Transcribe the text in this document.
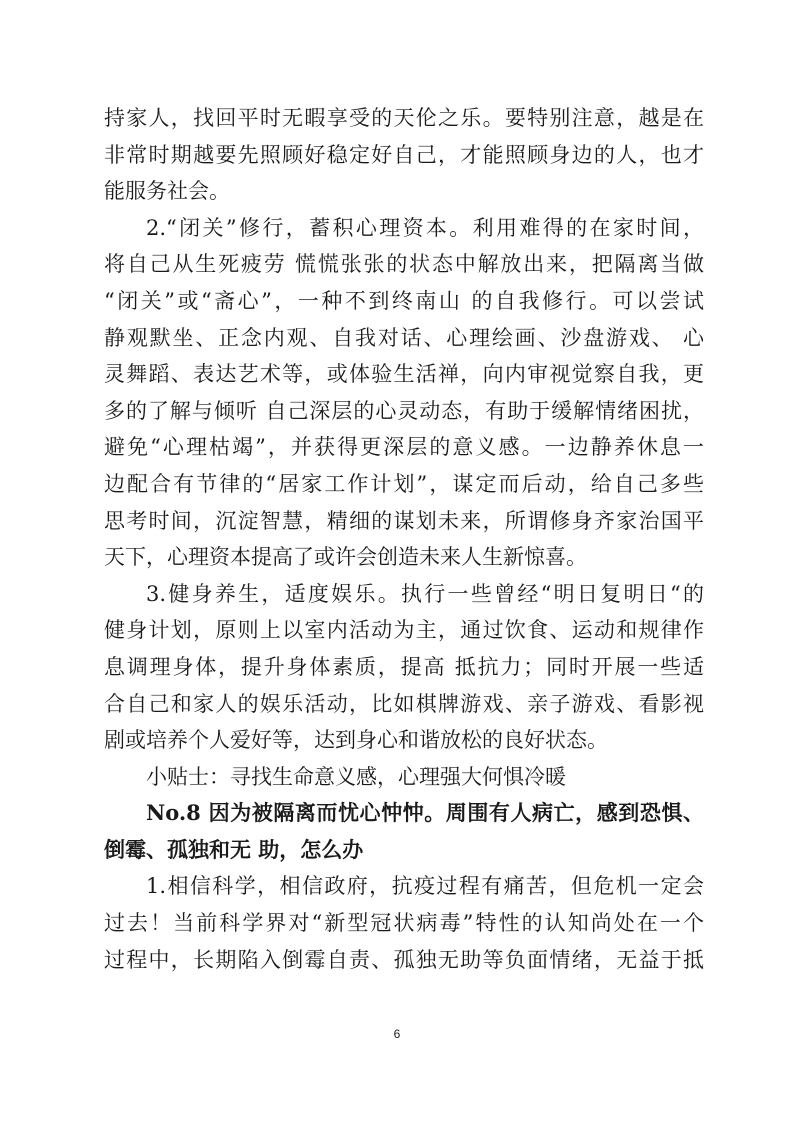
持家人，找回平时无暇享受的天伦之乐。要特别注意，越是在
非常时期越要先照顾好稳定好自己，才能照顾身边的人，也才
能服务社会。
2.“闭关”修行，蓄积心理资本。利用难得的在家时间，
将自己从生死疲劳 慌慌张张的状态中解放出来，把隔离当做
“闭关”或“斋心”，一种不到终南山 的自我修行。可以尝试
静观默坐、正念内观、自我对话、心理绘画、沙盘游戏、 心
灵舞蹈、表达艺术等，或体验生活禅，向内审视觉察自我，更
多的了解与倾听 自己深层的心灵动态，有助于缓解情绪困扰，
避免“心理枯竭”，并获得更深层的意义感。一边静养休息一
边配合有节律的“居家工作计划”，谋定而后动，给自己多些
思考时间，沉淀智慧，精细的谋划未来，所谓修身齐家治国平
天下，心理资本提高了或许会创造未来人生新惊喜。
3.健身养生，适度娱乐。执行一些曾经“明日复明日“的
健身计划，原则上以室内活动为主，通过饮食、运动和规律作
息调理身体，提升身体素质，提高 抵抗力；同时开展一些适
合自己和家人的娱乐活动，比如棋牌游戏、亲子游戏、看影视
剧或培养个人爱好等，达到身心和谐放松的良好状态。
小贴士：寻找生命意义感，心理强大何惧冷暖
No.8 因为被隔离而忧心忡忡。周围有人病亡，感到恐惧、
倒霉、孤独和无 助，怎么办
1.相信科学，相信政府，抗疫过程有痛苦，但危机一定会
过去！当前科学界对“新型冠状病毒”特性的认知尚处在一个
过程中，长期陷入倒霉自责、孤独无助等负面情绪，无益于抵
6
